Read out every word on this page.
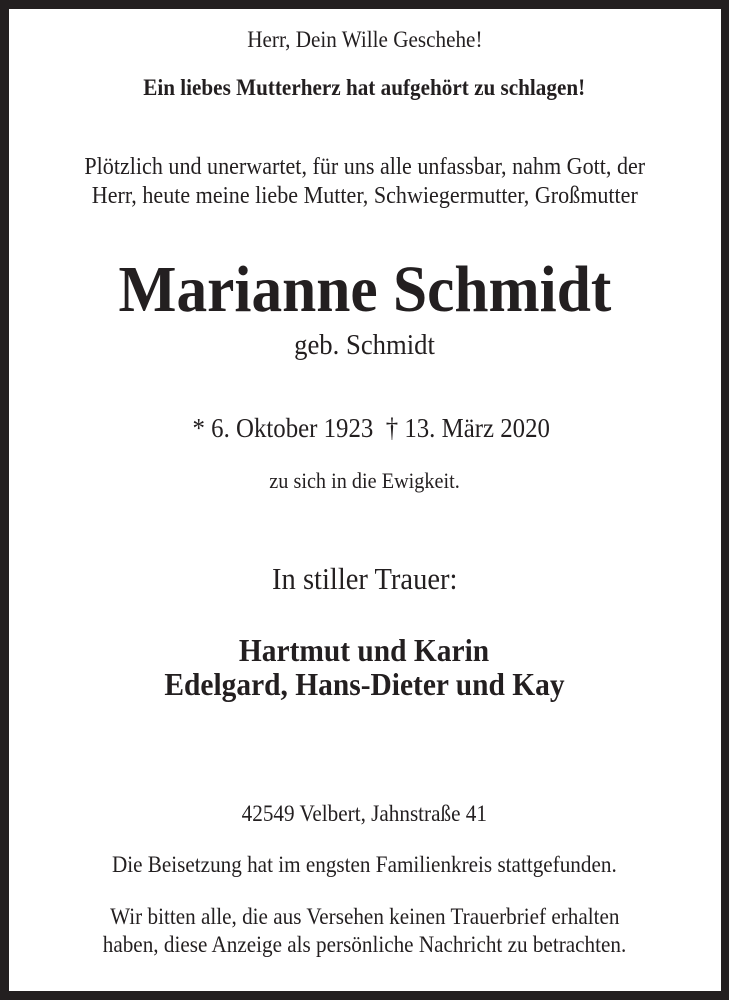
Herr, Dein Wille Geschehe!
Ein liebes Mutterherz hat aufgehört zu schlagen!
Plötzlich und unerwartet, für uns alle unfassbar, nahm Gott, der
Herr, heute meine liebe Mutter, Schwiegermutter, Großmutter
Marianne Schmidt
geb. Schmidt

* 6. Oktober 1923  † 13. März 2020

zu sich in die Ewigkeit.
In stiller Trauer:
Hartmut und Karin
Edelgard, Hans-Dieter und Kay
42549 Velbert, Jahnstraße 41
Die Beisetzung hat im engsten Familienkreis stattgefunden.
Wir bitten alle, die aus Versehen keinen Trauerbrief erhalten
haben, diese Anzeige als persönliche Nachricht zu betrachten.
